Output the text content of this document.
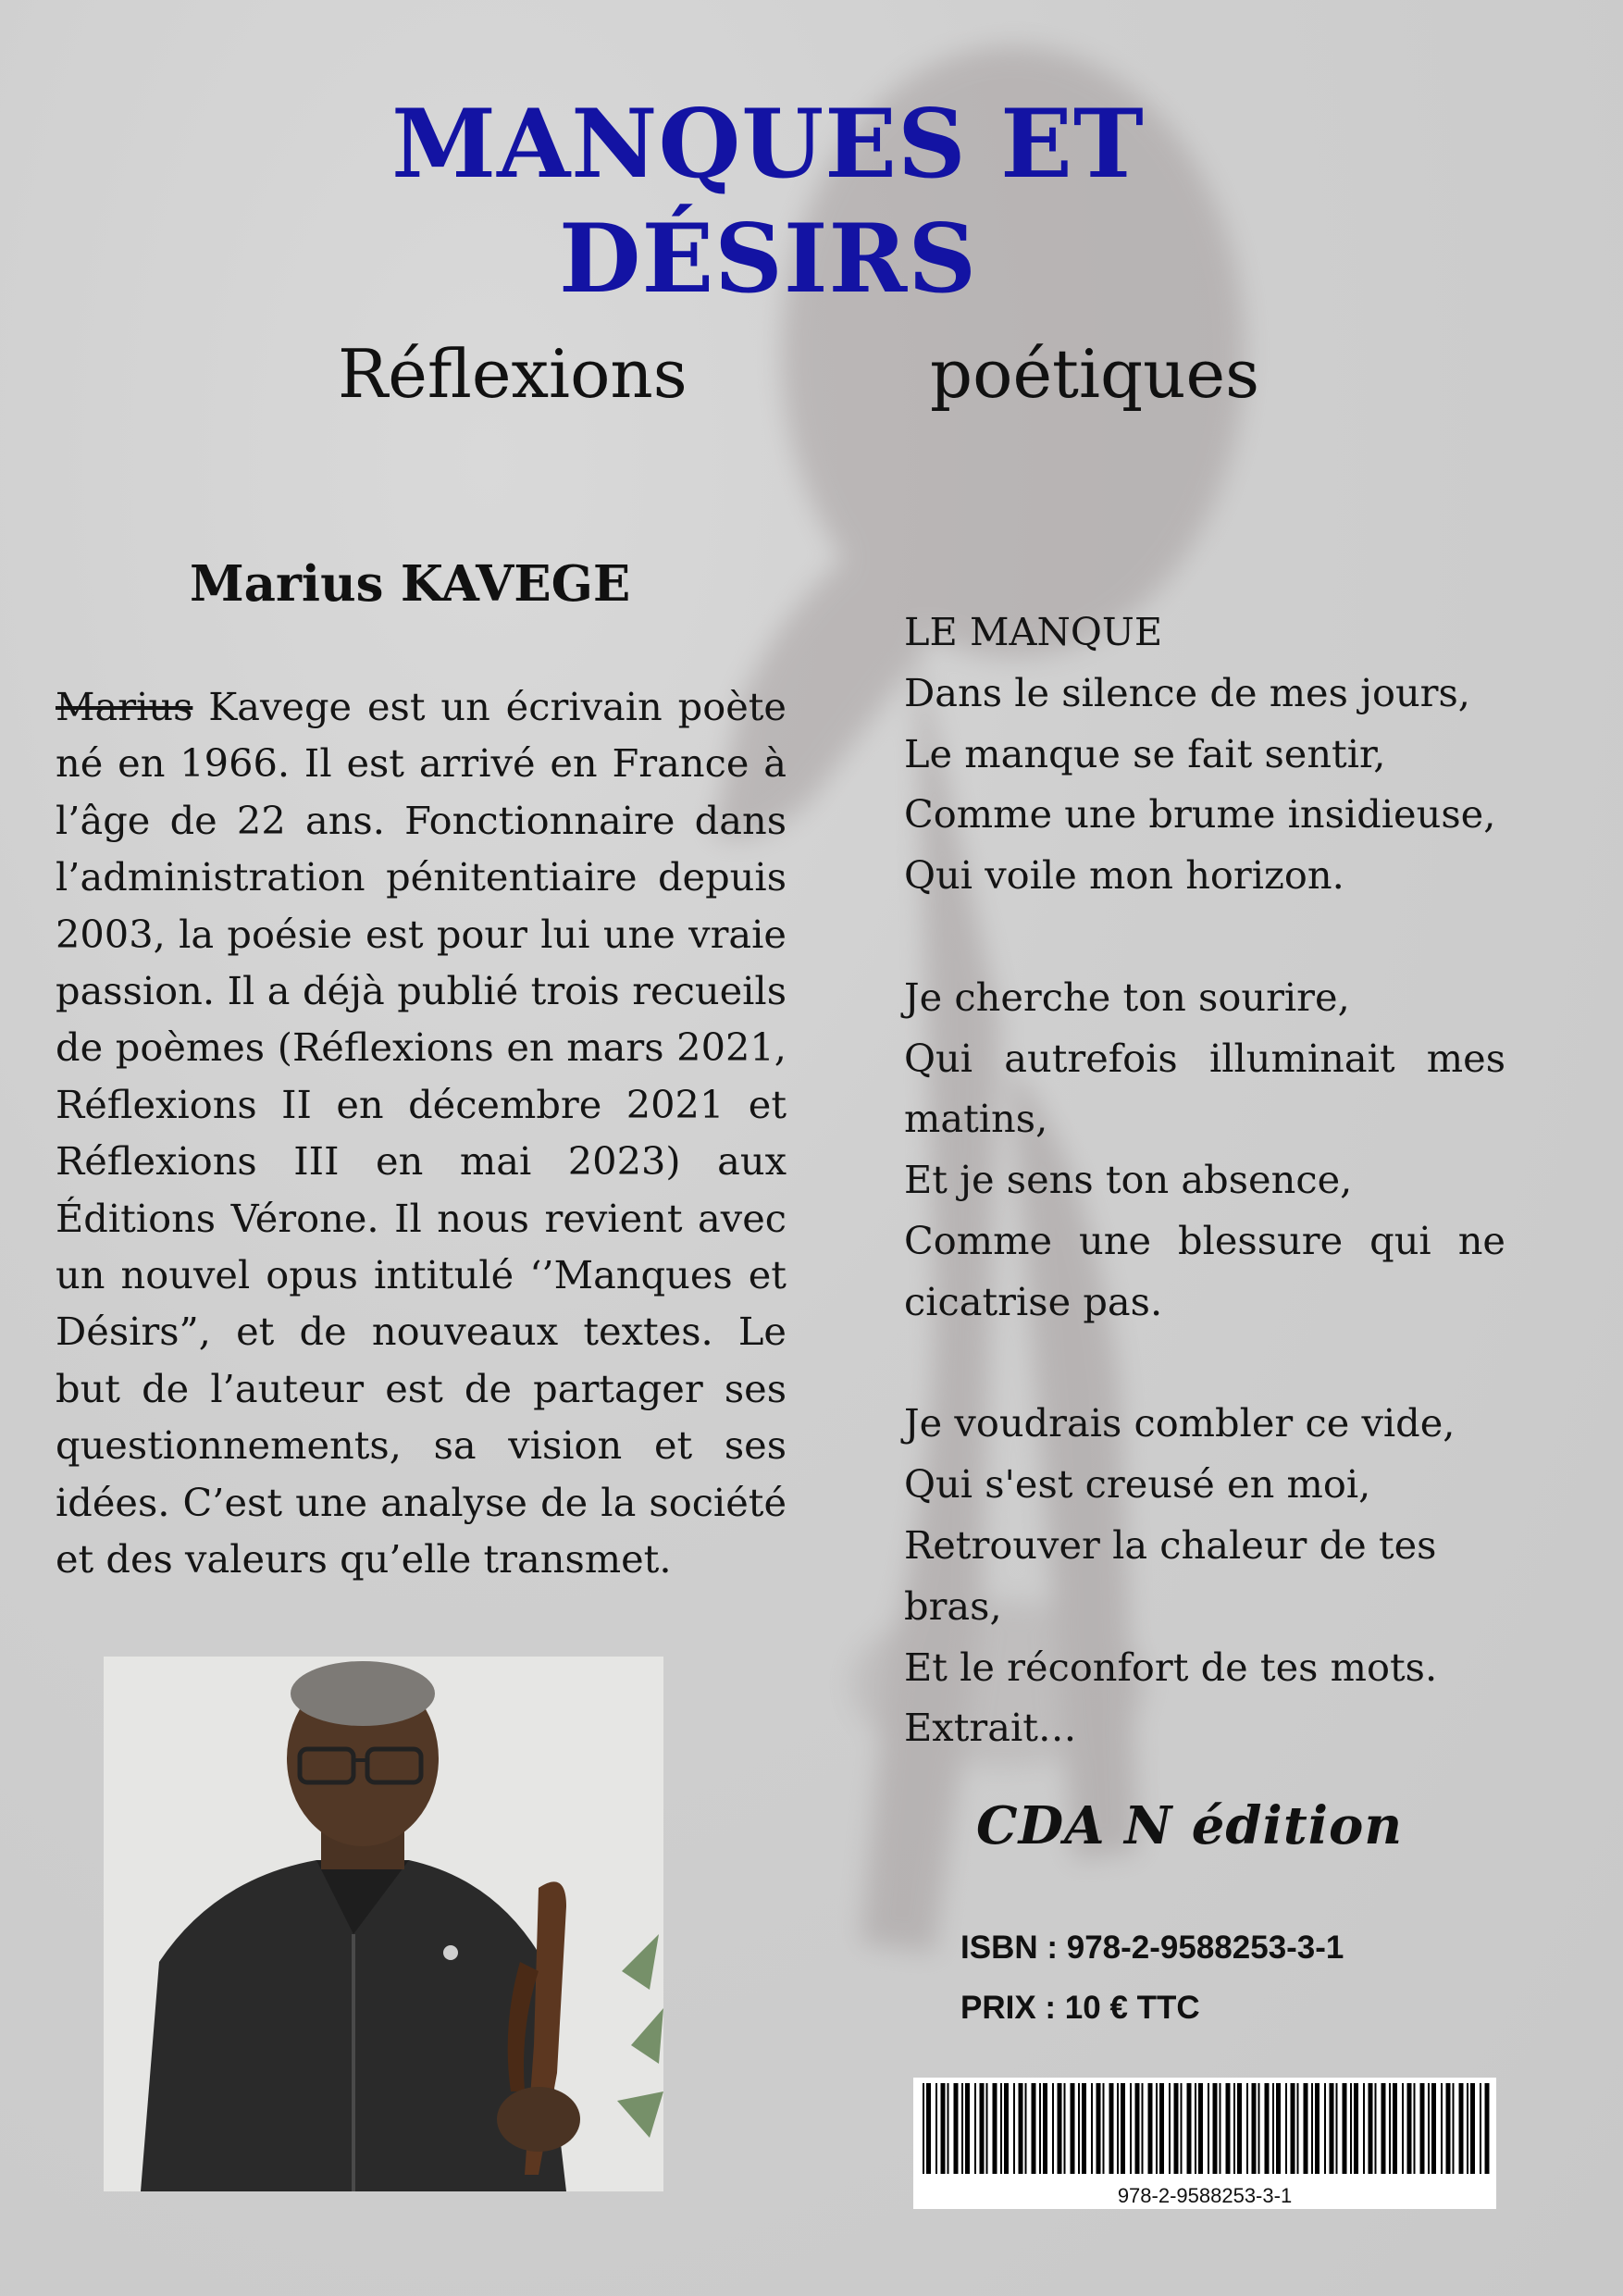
MANQUES ET
DÉSIRS
Réflexions	poétiques
Marius KAVEGE
Marius Kavege est un écrivain poète né en 1966. Il est arrivé en France à l’âge de 22 ans. Fonctionnaire dans l’administration pénitentiaire depuis 2003, la poésie est pour lui une vraie passion. Il a déjà publié trois recueils de poèmes (Réflexions en mars 2021, Réflexions II en décembre 2021 et Réflexions III en mai 2023) aux Éditions Vérone. Il nous revient avec un nouvel opus intitulé ‘’Manques et Désirs”, et de nouveaux textes. Le but de l’auteur est de partager ses questionnements, sa vision et ses idées. C’est une analyse de la société et des valeurs qu’elle transmet.
LE MANQUE
Dans le silence de mes jours,
Le manque se fait sentir,
Comme une brume insidieuse,
Qui voile mon horizon.
Je cherche ton sourire,
Qui autrefois illuminait mes
matins,
Et je sens ton absence,
Comme une blessure qui ne
cicatrise pas.
Je voudrais combler ce vide,
Qui s'est creusé en moi,
Retrouver la chaleur de tes bras,
Et le réconfort de tes mots.
Extrait…
CDA N édition
ISBN : 978-2-9588253-3-1
PRIX : 10 € TTC
978-2-9588253-3-1
